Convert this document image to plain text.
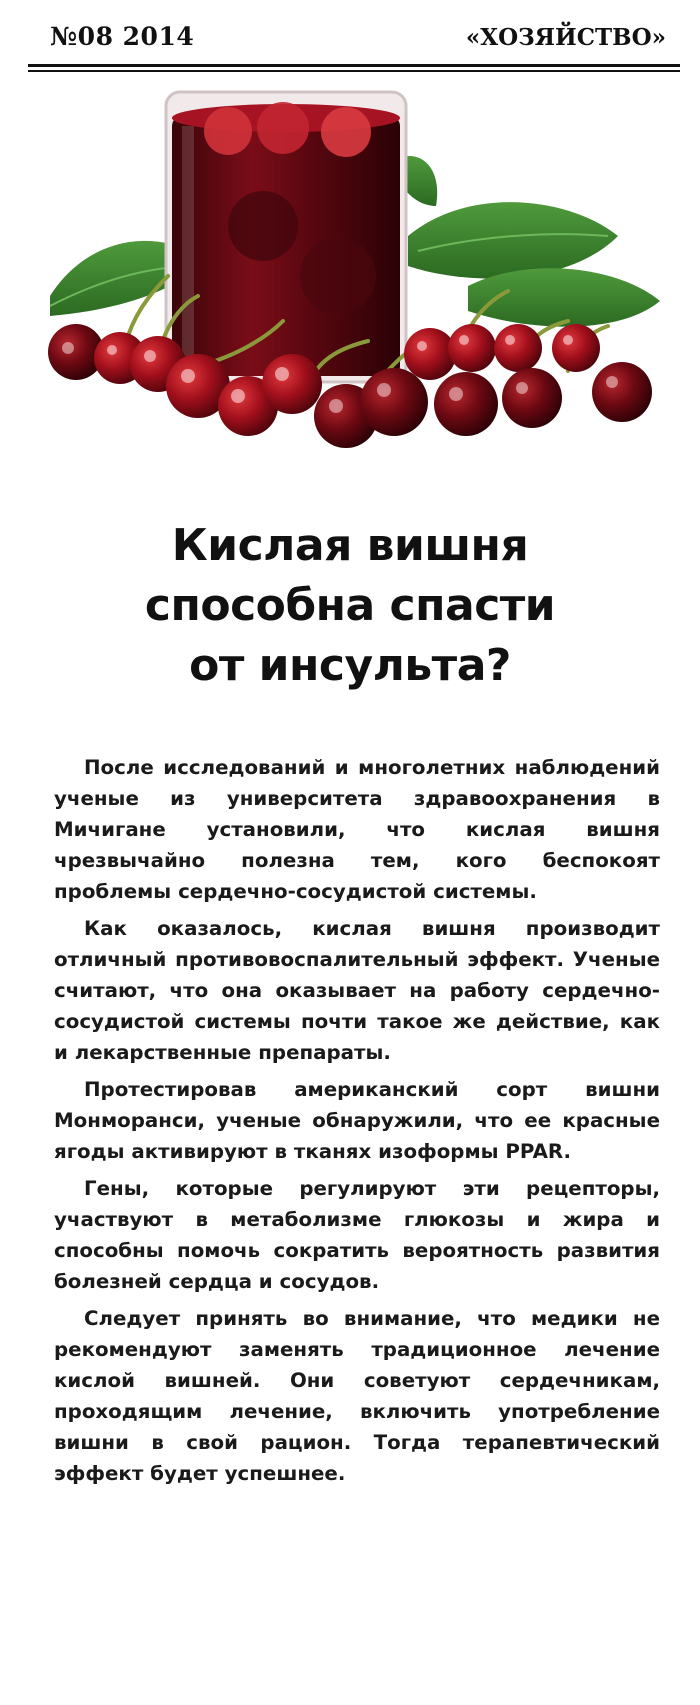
№08 2014	«ХОЗЯЙСТВО»
Кислая вишня
способна спасти
от инсульта?

После исследований и многолетних наблюдений ученые из университета здравоохранения в Мичигане установили, что кислая вишня чрезвычайно полезна тем, кого беспокоят проблемы сердечно-сосудистой системы.

Как оказалось, кислая вишня производит отличный противовоспалительный эффект. Ученые считают, что она оказывает на работу сердечно-сосудистой системы почти такое же действие, как и лекарственные препараты.

Протестировав американский сорт вишни Монморанси, ученые обнаружили, что ее красные ягоды активируют в тканях изоформы PPAR.

Гены, которые регулируют эти рецепторы, участвуют в метаболизме глюкозы и жира и способны помочь сократить вероятность развития болезней сердца и сосудов.

Следует принять во внимание, что медики не рекомендуют заменять традиционное лечение кислой вишней. Они советуют сердечникам, проходящим лечение, включить употребление вишни в свой рацион. Тогда терапевтический эффект будет успешнее.
